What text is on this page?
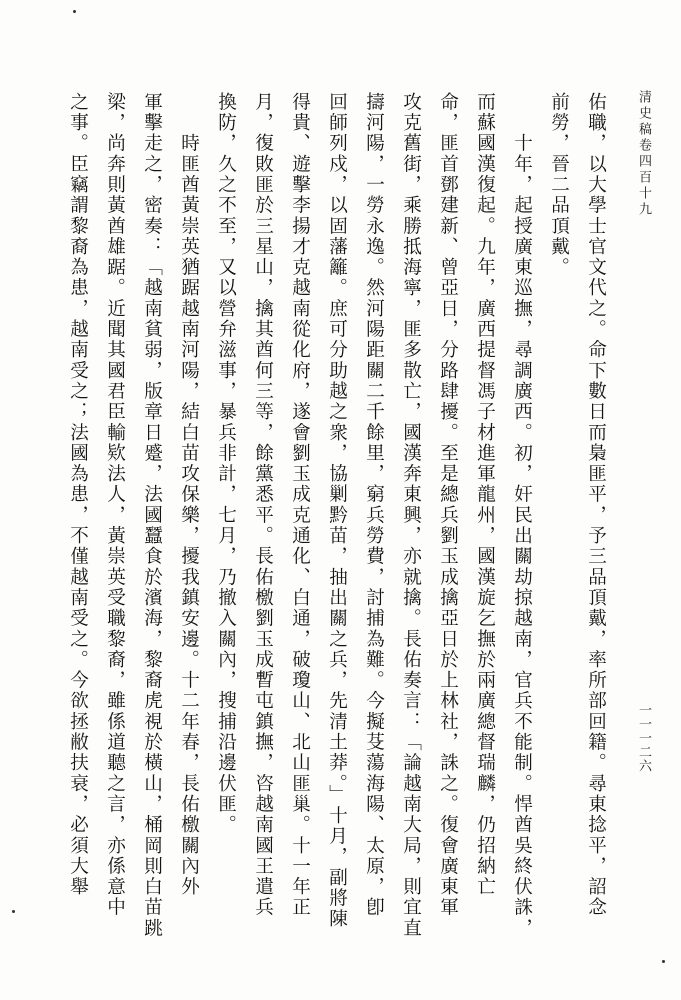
清史稿卷四百十九
一一一二六
佑職，以大學士官文代之。命下數日而梟匪平，予三品頂戴，率所部回籍。尋東捻平，詔念
前勞，晉二品頂戴。
　　十年，起授廣東巡撫，尋調廣西。初，奸民出關劫掠越南，官兵不能制。悍酋吳終伏誅，
而蘇國漢復起。九年，廣西提督馮子材進軍龍州，國漢旋乞撫於兩廣總督瑞麟，仍招納亡
命，匪首鄧建新、曾亞日，分路肆擾。至是總兵劉玉成擒亞日於上林社，誅之。復會廣東軍
攻克舊街，乘勝抵海寧，匪多散亡，國漢奔東興，亦就擒。長佑奏言：「論越南大局，則宜直
擣河陽，一勞永逸。然河陽距關二千餘里，窮兵勞費，討捕為難。今擬芟蕩海陽、太原，卽
回師列戍，以固藩籬。庶可分助越之衆，協剿黔苗，抽出關之兵，先清土莽。」十月，副將陳
得貴、遊擊李揚才克越南從化府，遂會劉玉成克通化、白通，破瓊山、北山匪巢。十一年正
月，復敗匪於三星山，擒其酋何三等，餘黨悉平。長佑檄劉玉成暫屯鎮撫，咨越南國王遣兵
換防，久之不至，又以營弁滋事，暴兵非計，七月，乃撤入關內，搜捕沿邊伏匪。
　　時匪酋黃崇英猶踞越南河陽，結白苗攻保樂，擾我鎮安邊。十二年春，長佑檄關內外
軍擊走之，密奏：「越南貧弱，版章日蹙，法國蠶食於濱海，黎裔虎視於橫山，桶岡則白苗跳
梁，尚奔則黃酋雄踞。近聞其國君臣輸欵法人，黃崇英受職黎裔，雖係道聽之言，亦係意中
之事。臣竊謂黎裔為患，越南受之；法國為患，不僅越南受之。今欲拯敝扶衰，必須大舉
